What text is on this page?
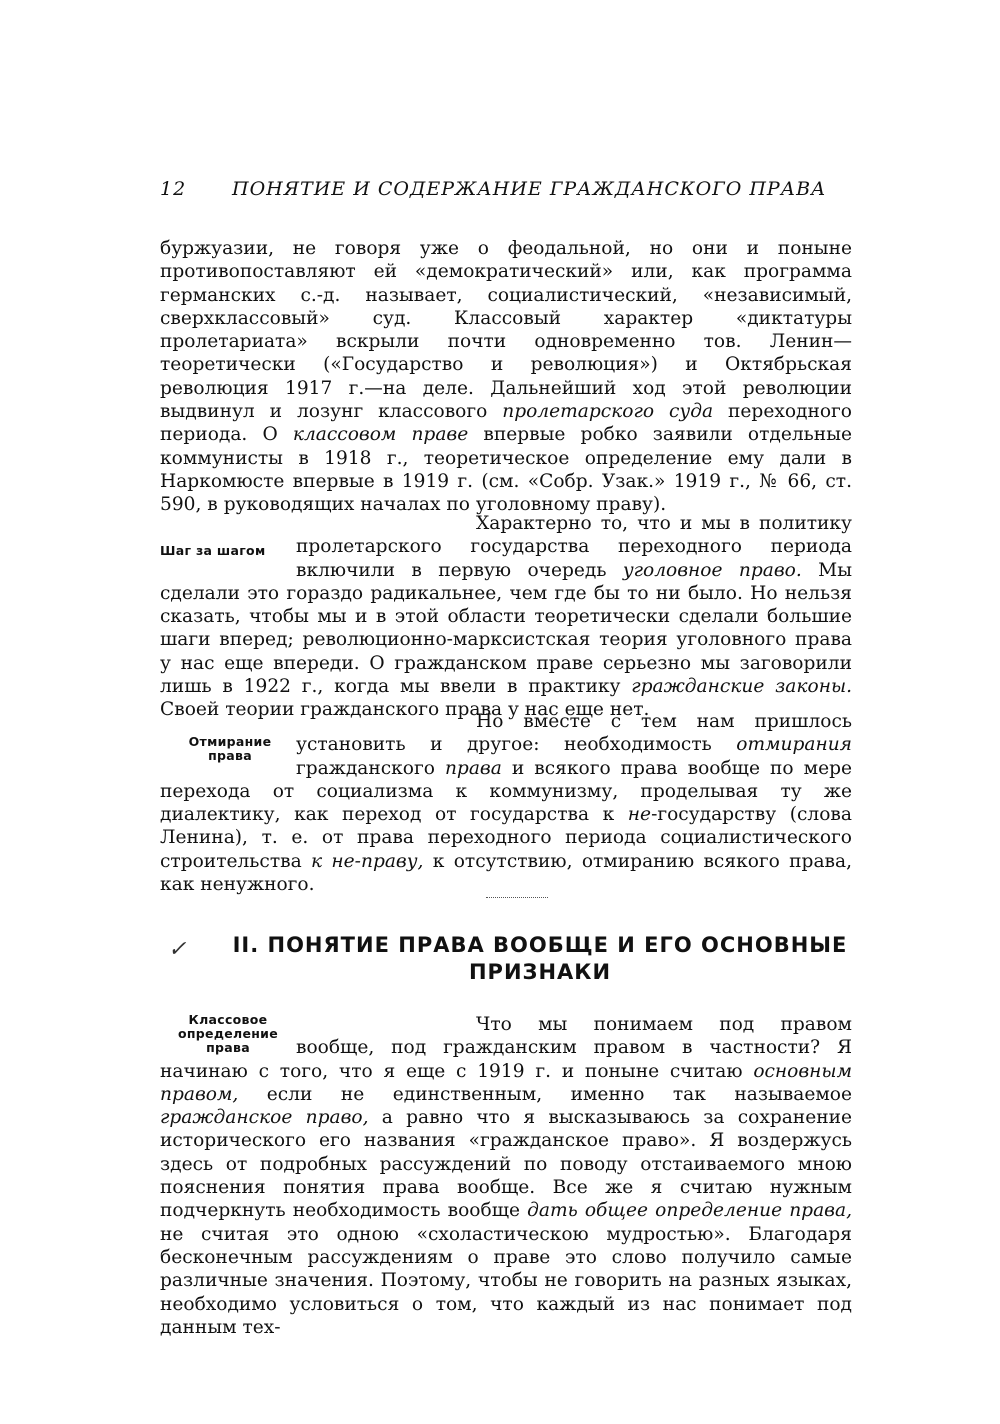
12 ПОНЯТИЕ И СОДЕРЖАНИЕ ГРАЖДАНСКОГО ПРАВА

буржуазии, не говоря уже о феодальной, но они и поныне противопоставляют ей «демократический» или, как программа германских с.-д. называет, социалистический, «независимый, сверхклассовый» суд. Классовый характер «диктатуры пролетариата» вскрыли почти одновременно тов. Ленин—теоретически («Государство и революция») и Октябрьская революция 1917 г.—на деле. Дальнейший ход этой революции выдвинул и лозунг классового пролетарского суда переходного периода. О классовом праве впервые робко заявили отдельные коммунисты в 1918 г., теоретическое определение ему дали в Наркомюсте впервые в 1919 г. (см. «Собр. Узак.» 1919 г., № 66, ст. 590, в руководящих началах по уголовному праву).

Шаг за шагом

Характерно то, что и мы в политику пролетарского государства переходного периода включили в первую очередь уголовное право. Мы сделали это гораздо радикальнее, чем где бы то ни было. Но нельзя сказать, чтобы мы и в этой области теоретически сделали большие шаги вперед; революционно-марксистская теория уголовного права у нас еще впереди. О гражданском праве серьезно мы заговорили лишь в 1922 г., когда мы ввели в практику гражданские законы. Своей теории гражданского права у нас еще нет.

Отмирание
права

Но вместе с тем нам пришлось установить и другое: необходимость отмирания гражданского права и всякого права вообще по мере перехода от социализма к коммунизму, проделывая ту же диалектику, как переход от государства к не-государству (слова Ленина), т. е. от права переходного периода социалистического строительства к не-праву, к отсутствию, отмиранию всякого права, как ненужного.

✓	II. ПОНЯТИЕ ПРАВА ВООБЩЕ И ЕГО ОСНОВНЫЕ
ПРИЗНАКИ
Классовое
определение
права

Что мы понимаем под правом вообще, под гражданским правом в частности? Я начинаю с того, что я еще с 1919 г. и поныне считаю основным правом, если не единственным, именно так называемое гражданское право, а равно что я высказываюсь за сохранение исторического его названия «гражданское право». Я воздержусь здесь от подробных рассуждений по поводу отстаиваемого мною пояснения понятия права вообще. Все же я считаю нужным подчеркнуть необходимость вообще дать общее определение права, не считая это одною «схоластическою мудростью». Благодаря бесконечным рассуждениям о праве это слово получило самые различные значения. Поэтому, чтобы не говорить на разных языках, необходимо условиться о том, что каждый из нас понимает под данным тех-
